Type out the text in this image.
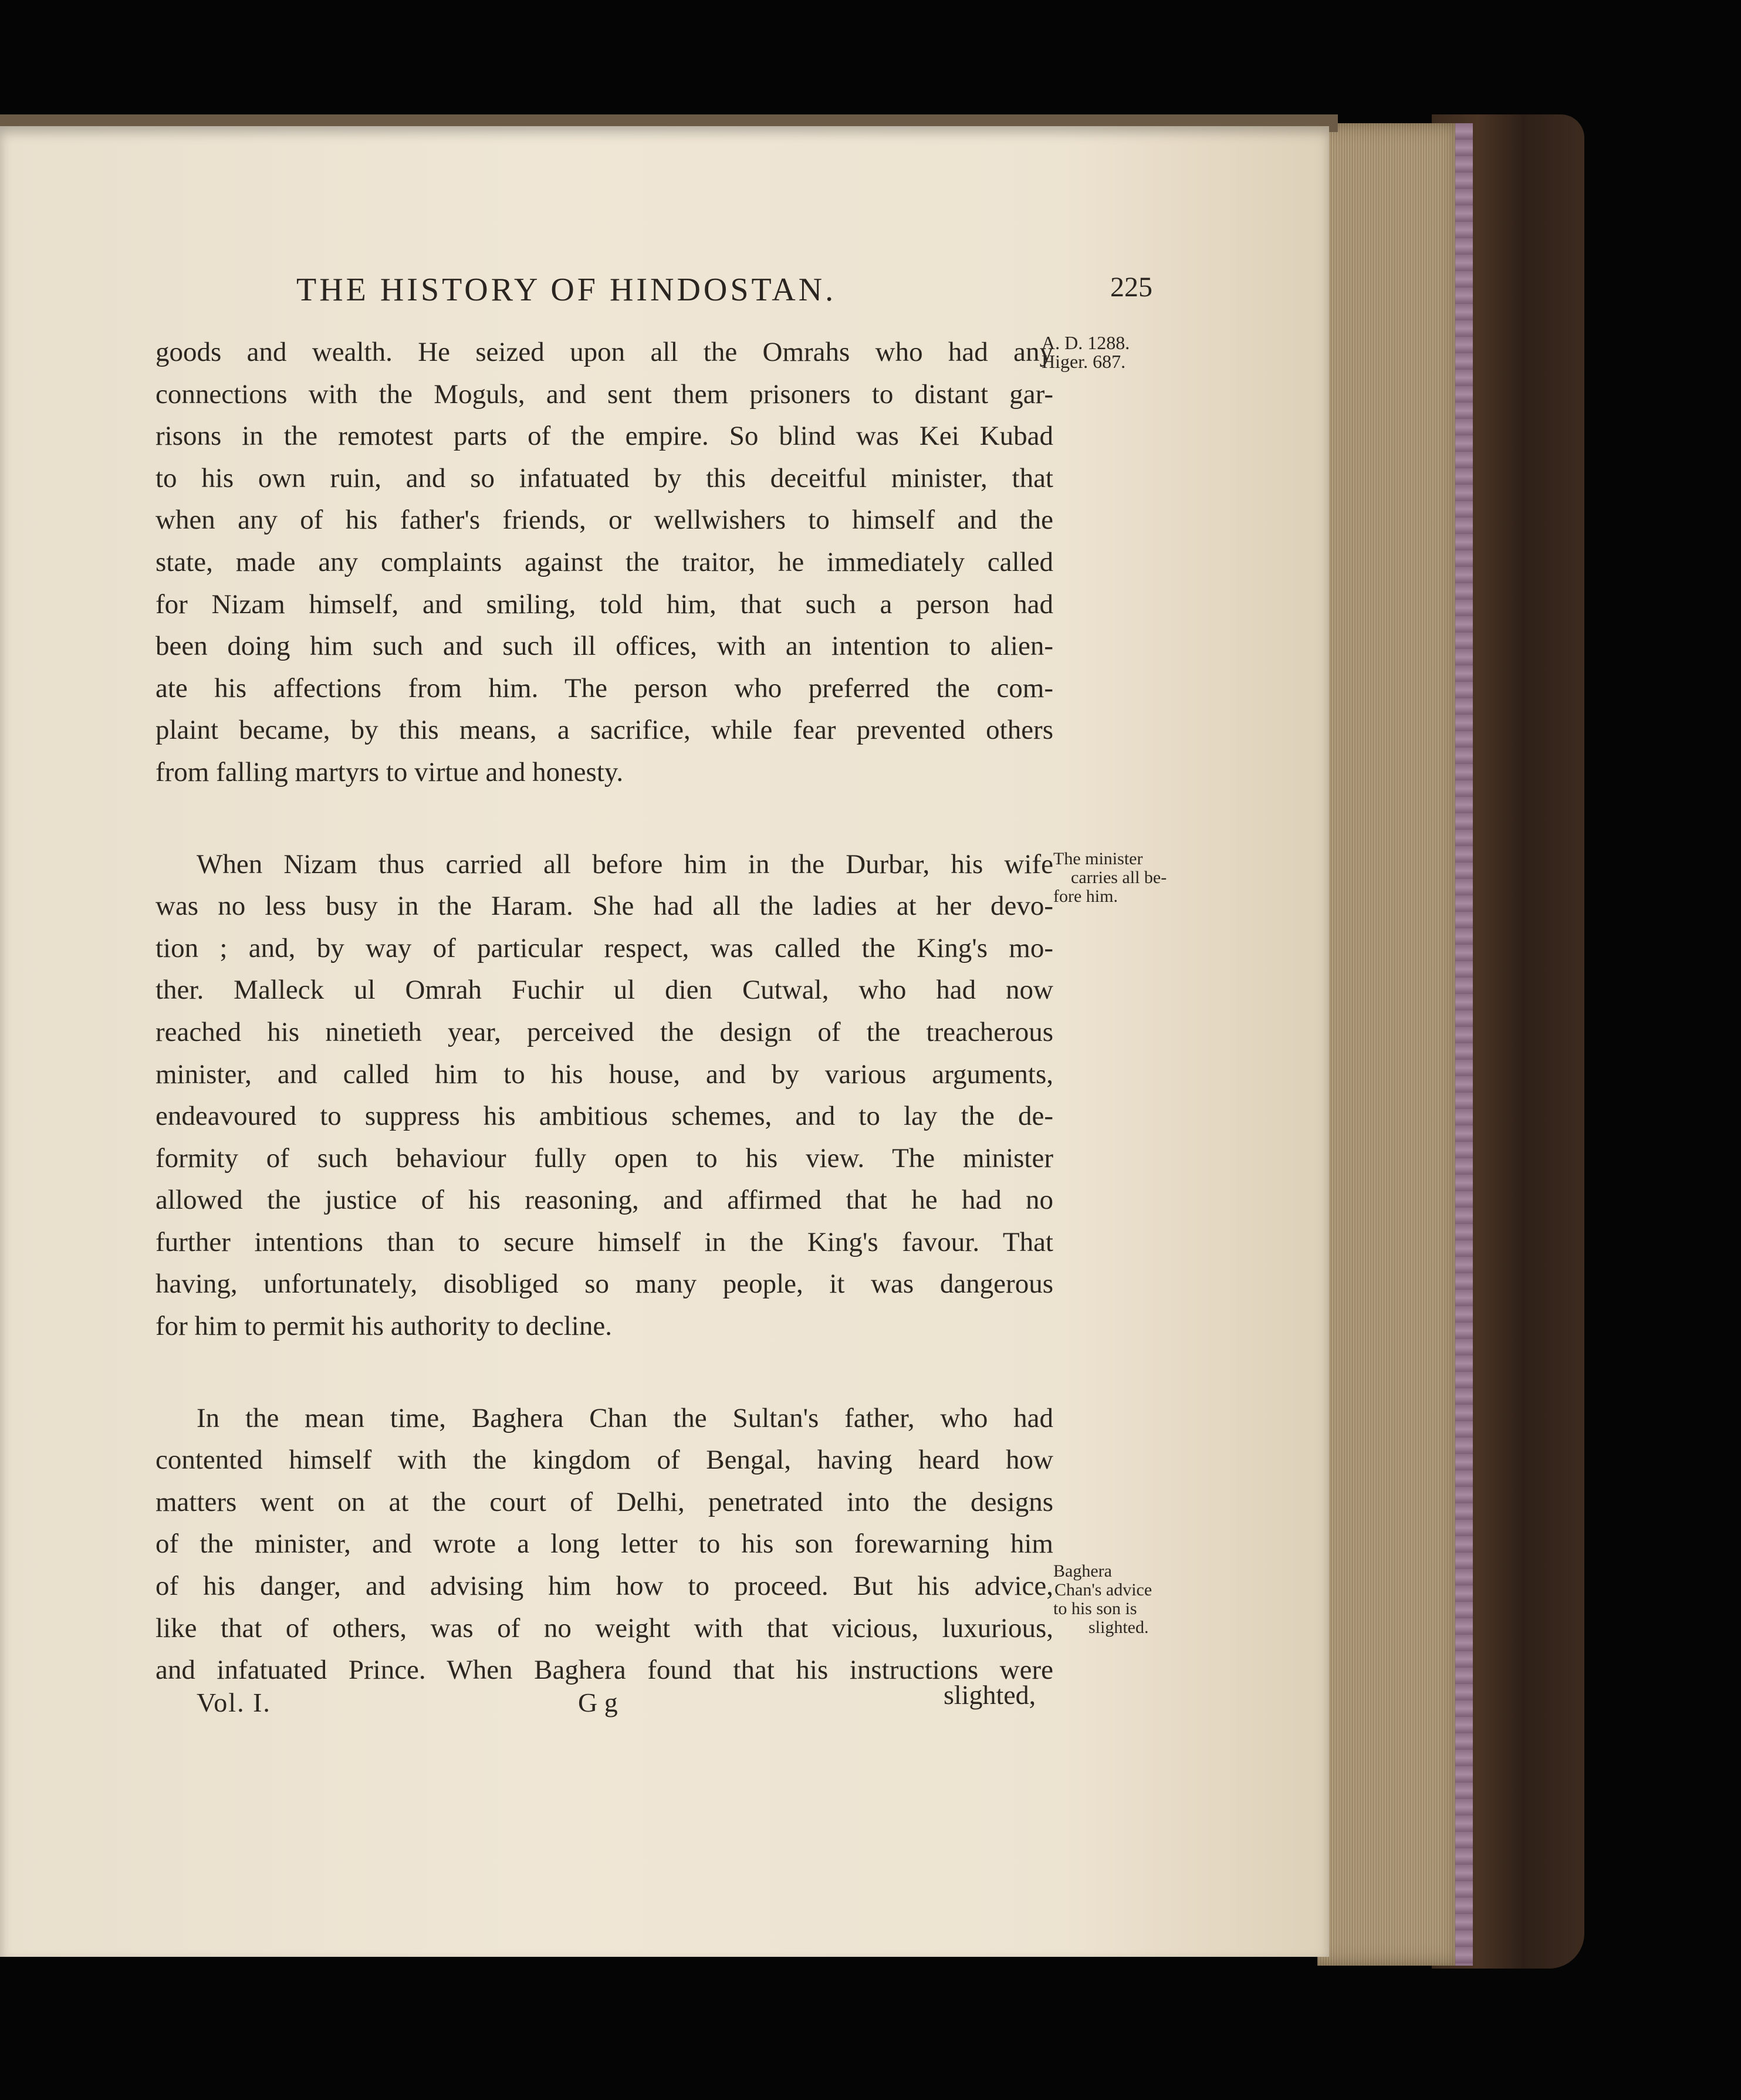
THE HISTORY OF HINDOSTAN.	225
A. D. 1288.
Higer. 687.
The minister
carries all be-
fore him.
Baghera
Chan's advice
to his son is
slighted.

goods and wealth. He seized upon all the Omrahs who had any

connections with the Moguls, and sent them prisoners to distant gar-

risons in the remotest parts of the empire. So blind was Kei Kubad

to his own ruin, and so infatuated by this deceitful minister, that

when any of his father's friends, or wellwishers to himself and the

state, made any complaints against the traitor, he immediately called

for Nizam himself, and smiling, told him, that such a person had

been doing him such and such ill offices, with an intention to alien-

ate his affections from him. The person who preferred the com-

plaint became, by this means, a sacrifice, while fear prevented others

from falling martyrs to virtue and honesty.

When Nizam thus carried all before him in the Durbar, his wife

was no less busy in the Haram. She had all the ladies at her devo-

tion ; and, by way of particular respect, was called the King's mo-

ther. Malleck ul Omrah Fuchir ul dien Cutwal, who had now

reached his ninetieth year, perceived the design of the treacherous

minister, and called him to his house, and by various arguments,

endeavoured to suppress his ambitious schemes, and to lay the de-

formity of such behaviour fully open to his view. The minister

allowed the justice of his reasoning, and affirmed that he had no

further intentions than to secure himself in the King's favour. That

having, unfortunately, disobliged so many people, it was dangerous

for him to permit his authority to decline.

In the mean time, Baghera Chan the Sultan's father, who had

contented himself with the kingdom of Bengal, having heard how

matters went on at the court of Delhi, penetrated into the designs

of the minister, and wrote a long letter to his son forewarning him

of his danger, and advising him how to proceed. But his advice,

like that of others, was of no weight with that vicious, luxurious,

and infatuated Prince. When Baghera found that his instructions were

Vol. I.	G g	slighted,
